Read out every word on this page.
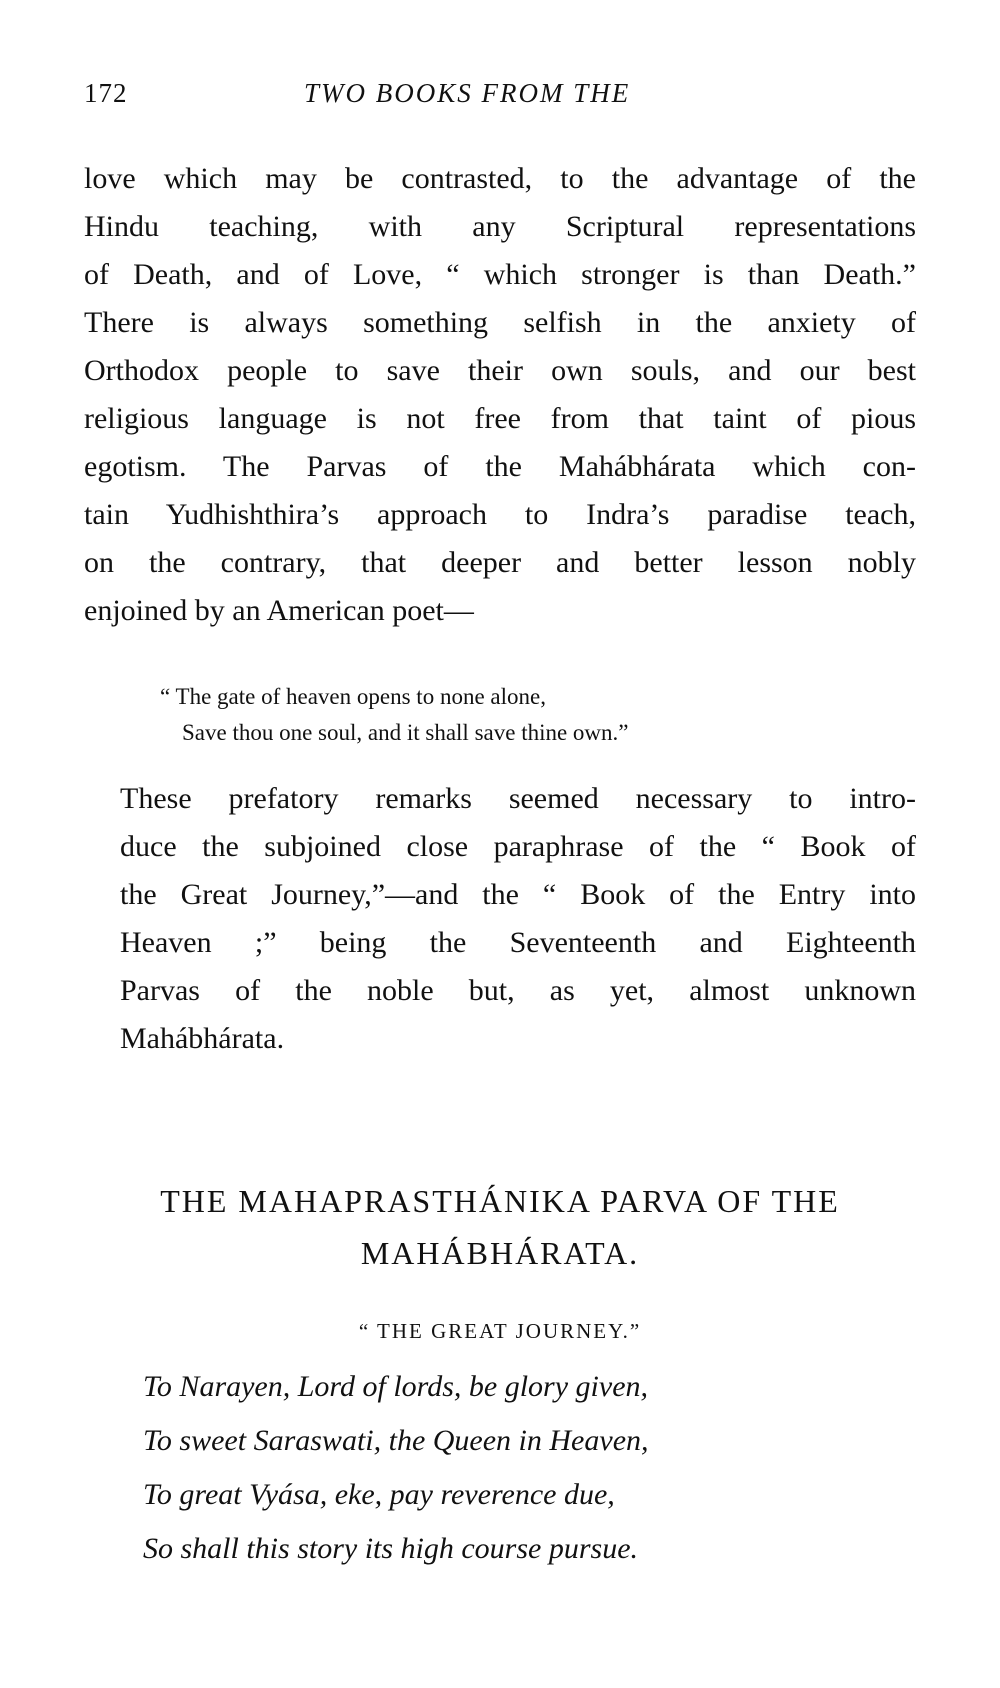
172	TWO BOOKS FROM THE
love which may be contrasted, to the advantage of the
Hindu teaching, with any Scriptural representations
of Death, and of Love, “ which stronger is than Death.”
There is always something selfish in the anxiety of
Orthodox people to save their own souls, and our best
religious language is not free from that taint of pious
egotism. The Parvas of the Mahábhárata which con-
tain Yudhishthira’s approach to Indra’s paradise teach,
on the contrary, that deeper and better lesson nobly
enjoined by an American poet—
“ The gate of heaven opens to none alone,
Save thou one soul, and it shall save thine own.”
These prefatory remarks seemed necessary to intro-
duce the subjoined close paraphrase of the “ Book of
the Great Journey,”—and the “ Book of the Entry into
Heaven ;” being the Seventeenth and Eighteenth
Parvas of the noble but, as yet, almost unknown
Mahábhárata.
THE MAHAPRASTHÁNIKA PARVA OF THE
MAHÁBHÁRATA.
“ THE GREAT JOURNEY.”
To Narayen, Lord of lords, be glory given,
To sweet Saraswati, the Queen in Heaven,
To great Vyása, eke, pay reverence due,
So shall this story its high course pursue.
